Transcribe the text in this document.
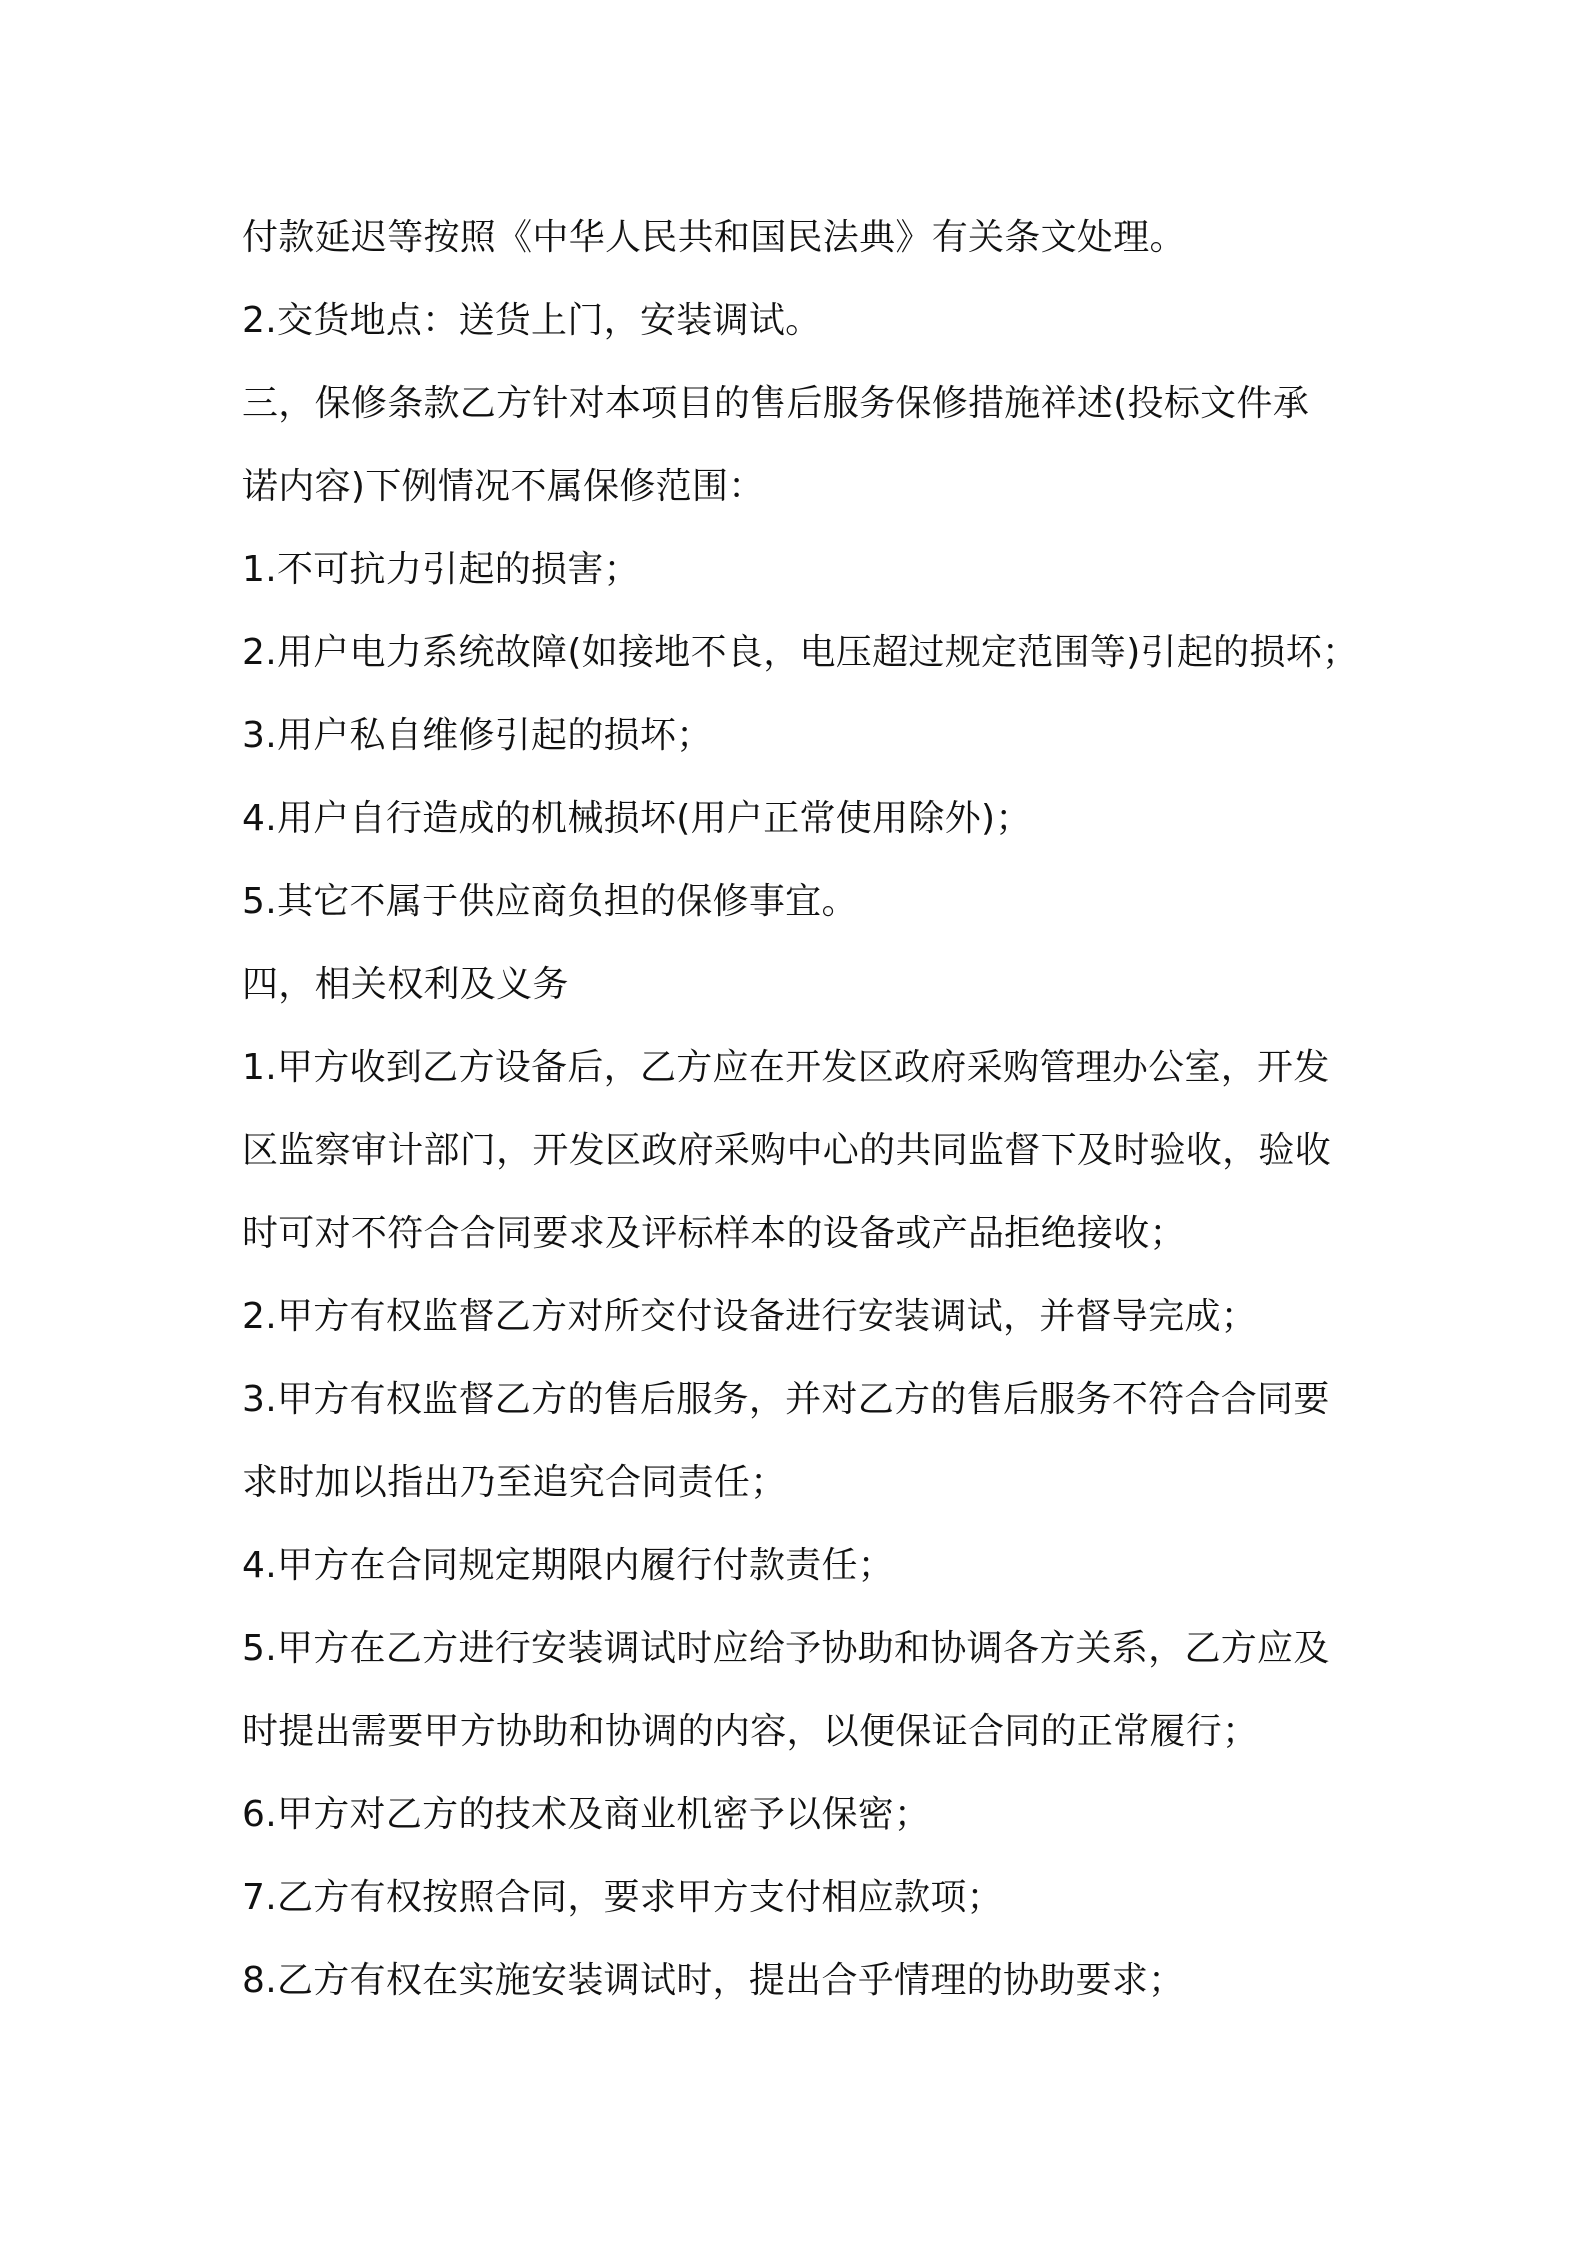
付款延迟等按照《中华人民共和国民法典》有关条文处理。
2.交货地点：送货上门，安装调试。
三，保修条款乙方针对本项目的售后服务保修措施祥述(投标文件承
诺内容)下例情况不属保修范围：
1.不可抗力引起的损害；
2.用户电力系统故障(如接地不良，电压超过规定范围等)引起的损坏；
3.用户私自维修引起的损坏；
4.用户自行造成的机械损坏(用户正常使用除外)；
5.其它不属于供应商负担的保修事宜。
四，相关权利及义务
1.甲方收到乙方设备后，乙方应在开发区政府采购管理办公室，开发
区监察审计部门，开发区政府采购中心的共同监督下及时验收，验收
时可对不符合合同要求及评标样本的设备或产品拒绝接收；
2.甲方有权监督乙方对所交付设备进行安装调试，并督导完成；
3.甲方有权监督乙方的售后服务，并对乙方的售后服务不符合合同要
求时加以指出乃至追究合同责任；
4.甲方在合同规定期限内履行付款责任；
5.甲方在乙方进行安装调试时应给予协助和协调各方关系，乙方应及
时提出需要甲方协助和协调的内容，以便保证合同的正常履行；
6.甲方对乙方的技术及商业机密予以保密；
7.乙方有权按照合同，要求甲方支付相应款项；
8.乙方有权在实施安装调试时，提出合乎情理的协助要求；
